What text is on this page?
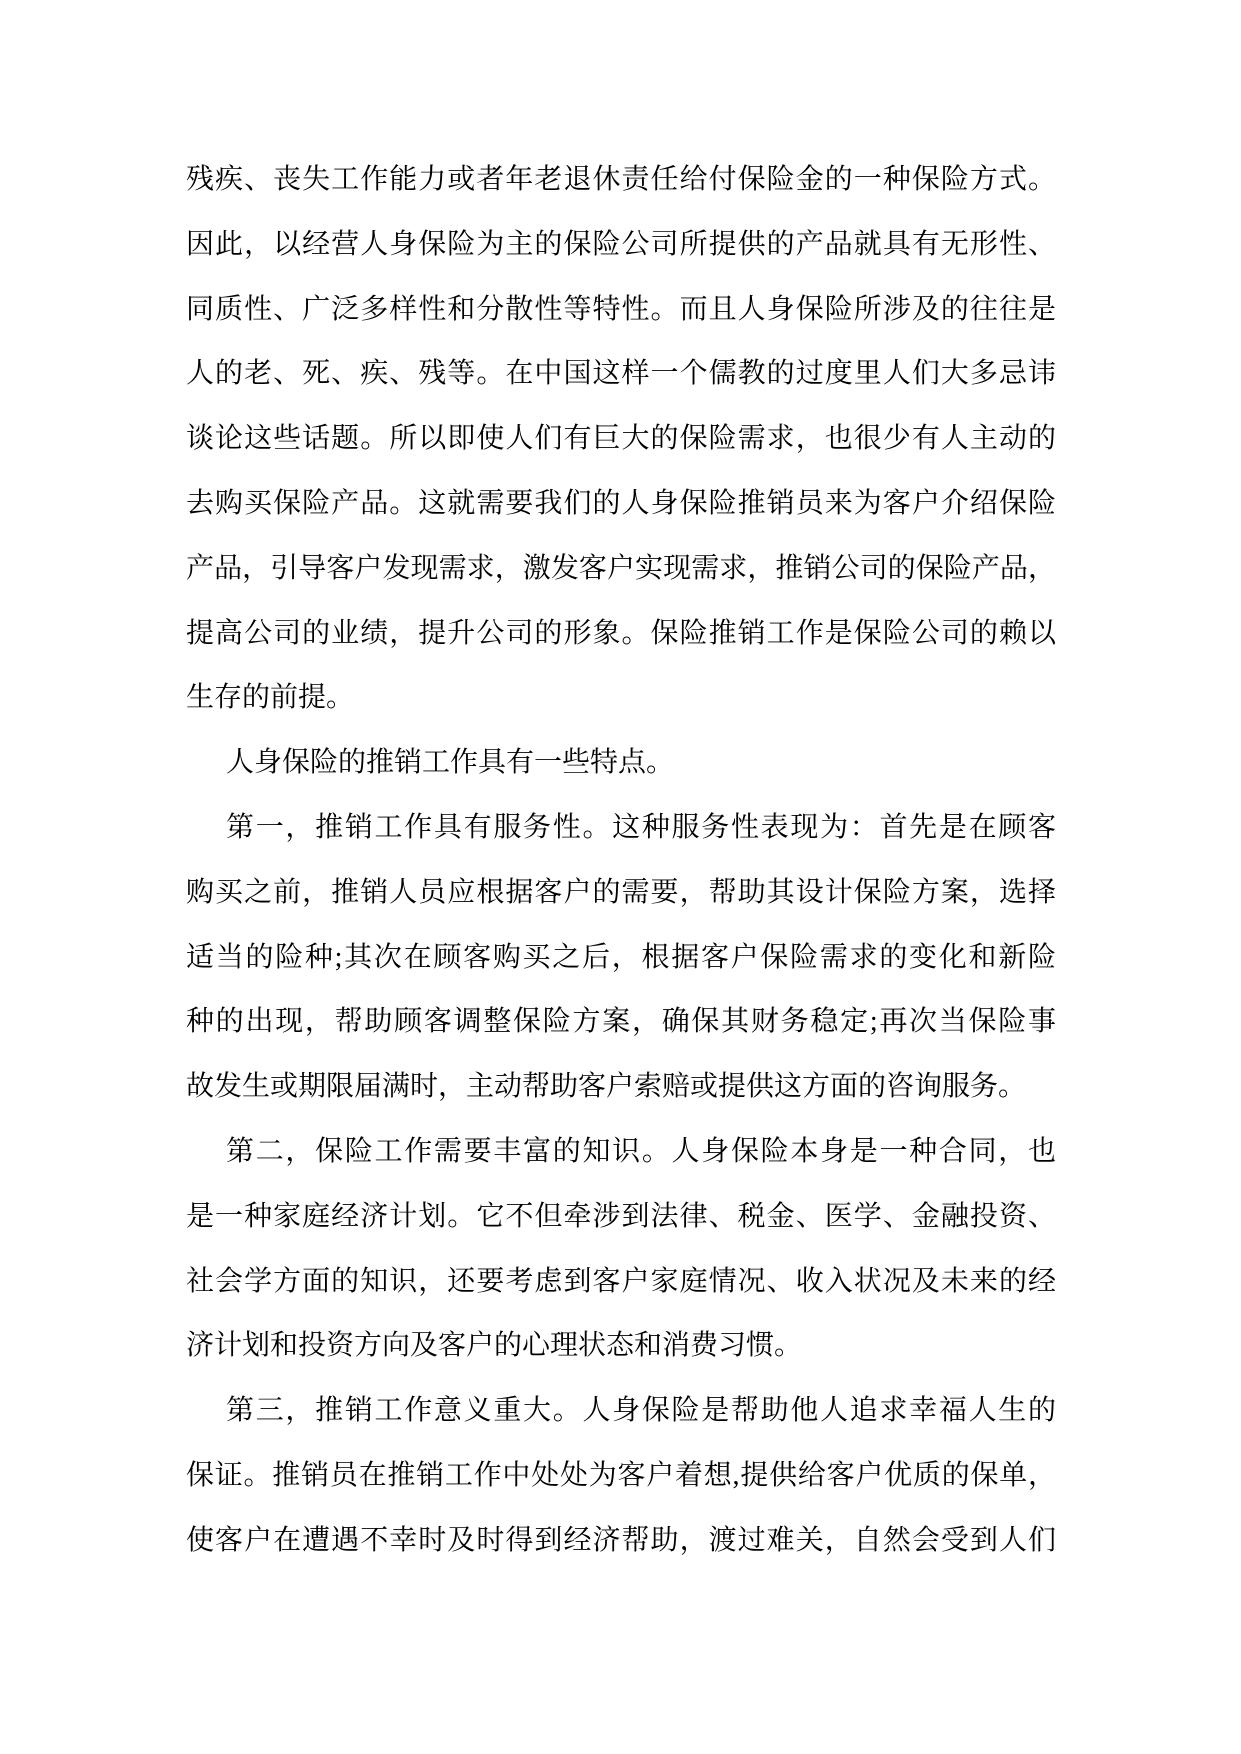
残疾、丧失工作能力或者年老退休责任给付保险金的一种保险方式。
因此，以经营人身保险为主的保险公司所提供的产品就具有无形性、
同质性、广泛多样性和分散性等特性。而且人身保险所涉及的往往是
人的老、死、疾、残等。在中国这样一个儒教的过度里人们大多忌讳
谈论这些话题。所以即使人们有巨大的保险需求，也很少有人主动的
去购买保险产品。这就需要我们的人身保险推销员来为客户介绍保险
产品，引导客户发现需求，激发客户实现需求，推销公司的保险产品，
提高公司的业绩，提升公司的形象。保险推销工作是保险公司的赖以
生存的前提。
人身保险的推销工作具有一些特点。
第一，推销工作具有服务性。这种服务性表现为：首先是在顾客
购买之前，推销人员应根据客户的需要，帮助其设计保险方案，选择
适当的险种;其次在顾客购买之后，根据客户保险需求的变化和新险
种的出现，帮助顾客调整保险方案，确保其财务稳定;再次当保险事
故发生或期限届满时，主动帮助客户索赔或提供这方面的咨询服务。
第二，保险工作需要丰富的知识。人身保险本身是一种合同，也
是一种家庭经济计划。它不但牵涉到法律、税金、医学、金融投资、
社会学方面的知识，还要考虑到客户家庭情况、收入状况及未来的经
济计划和投资方向及客户的心理状态和消费习惯。
第三，推销工作意义重大。人身保险是帮助他人追求幸福人生的
保证。推销员在推销工作中处处为客户着想,提供给客户优质的保单，
使客户在遭遇不幸时及时得到经济帮助，渡过难关，自然会受到人们
